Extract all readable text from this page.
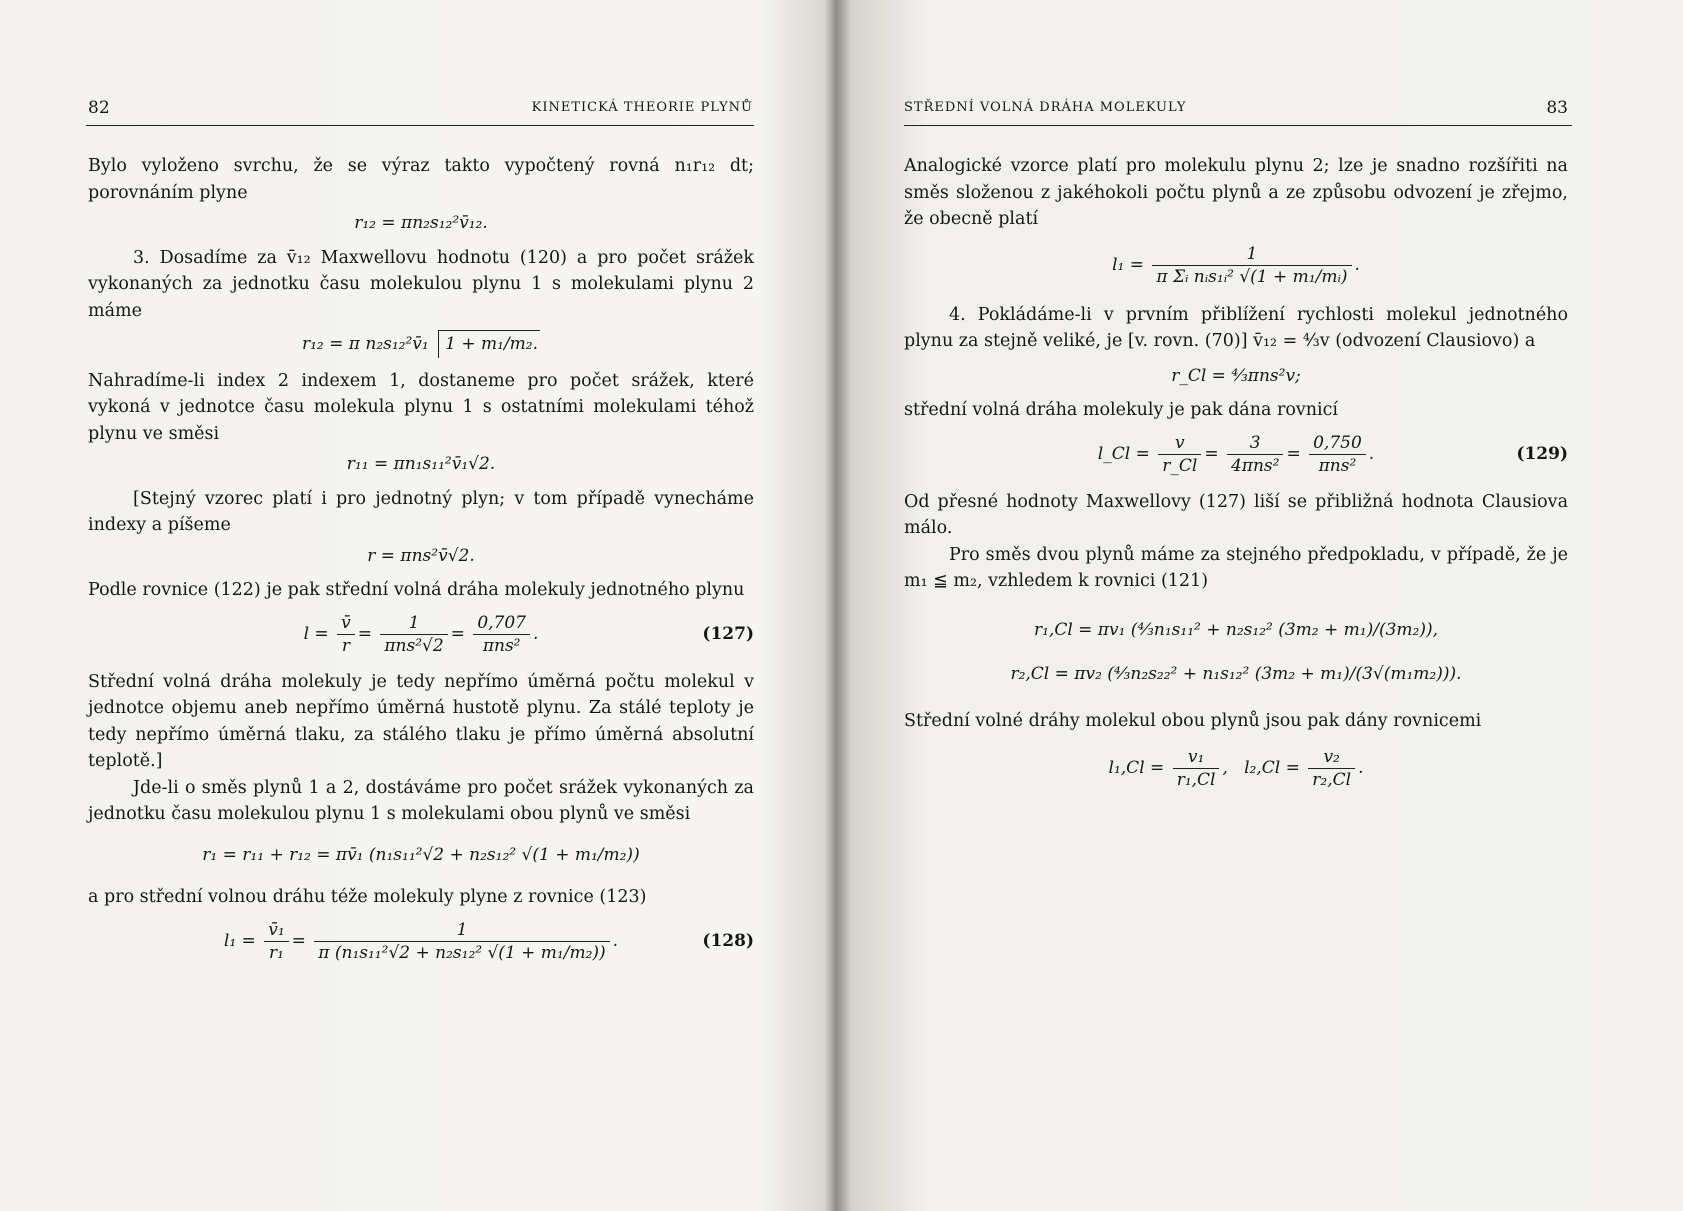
82	KINETICKÁ THEORIE PLYNŮ

Bylo vyloženo svrchu, že se výraz takto vypočtený rovná n₁r₁₂ dt; porovnáním plyne

r₁₂ = πn₂s₁₂²v̄₁₂.

3. Dosadíme za v̄₁₂ Maxwellovu hodnotu (120) a pro počet srážek vykonaných za jednotku času molekulou plynu 1 s molekulami plynu 2 máme

r₁₂ = π n₂s₁₂²v̄₁ 1 + m₁/m₂.

Nahradíme-li index 2 indexem 1, dostaneme pro počet srážek, které vykoná v jednotce času molekula plynu 1 s ostatními molekulami téhož plynu ve směsi

r₁₁ = πn₁s₁₁²v̄₁√2.

[Stejný vzorec platí i pro jednotný plyn; v tom případě vynecháme indexy a píšeme

r = πns²v̄√2.

Podle rovnice (122) je pak střední volná dráha molekuly jednotného plynu

$l = \frac{v̄}{r} = \frac{1}{\text{πns²√2}} = \frac{0,707}{\text{πns²}}$ .	(127)

Střední volná dráha molekuly je tedy nepřímo úměrná počtu molekul v jednotce objemu aneb nepřímo úměrná hustotě plynu. Za stálé teploty je tedy nepřímo úměrná tlaku, za stálého tlaku je přímo úměrná absolutní teplotě.]

Jde-li o směs plynů 1 a 2, dostáváme pro počet srážek vykonaných za jednotku času molekulou plynu 1 s molekulami obou plynů ve směsi

r₁ = r₁₁ + r₁₂ = πv̄₁ (n₁s₁₁²√2 + n₂s₁₂² √(1 + m₁/m₂))

a pro střední volnou dráhu téže molekuly plyne z rovnice (123)

$l_1 = \frac{\text{v̄₁}}{\text{r₁}} = \frac{1}{\text{π (n₁s₁₁²√2 + n₂s₁₂² √(1 + m₁/m₂))}}$ .	(128)
STŘEDNÍ VOLNÁ DRÁHA MOLEKULY	83

Analogické vzorce platí pro molekulu plynu 2; lze je snadno rozšířiti na směs složenou z jakéhokoli počtu plynů a ze způsobu odvození je zřejmo, že obecně platí

$l_1 = \frac{1}{\text{π Σᵢ nᵢs₁ᵢ² √(1 + m₁/mᵢ)}}$ .

4. Pokládáme-li v prvním přiblížení rychlosti molekul jednotného plynu za stejně veliké, je [v. rovn. (70)] v̄₁₂ = ⁴⁄₃v (odvození Clausiovo) a

r_Cl = ⁴⁄₃πns²v;

střední volná dráha molekuly je pak dána rovnicí

l_Cl = $\frac{v}{r\_Cl} = \frac{3}{\text{4πns²}} = \frac{0,750}{\text{πns²}}$ .	(129)

Od přesné hodnoty Maxwellovy (127) liší se přibližná hodnota Clausiova málo.

Pro směs dvou plynů máme za stejného předpokladu, v případě, že je m₁ ≦ m₂, vzhledem k rovnici (121)

r₁,Cl = πv₁ (⁴⁄₃n₁s₁₁² + n₂s₁₂² (3m₂ + m₁)/(3m₂)),
r₂,Cl = πv₂ (⁴⁄₃n₂s₂₂² + n₁s₁₂² (3m₂ + m₁)/(3√(m₁m₂))).

Střední volné dráhy molekul obou plynů jsou pak dány rovnicemi

$l_1,Cl = \frac{\text{v₁}}{\text{r₁,Cl}}$ ,   $l_2,Cl = \frac{\text{v₂}}{\text{r₂,Cl}}$ .
